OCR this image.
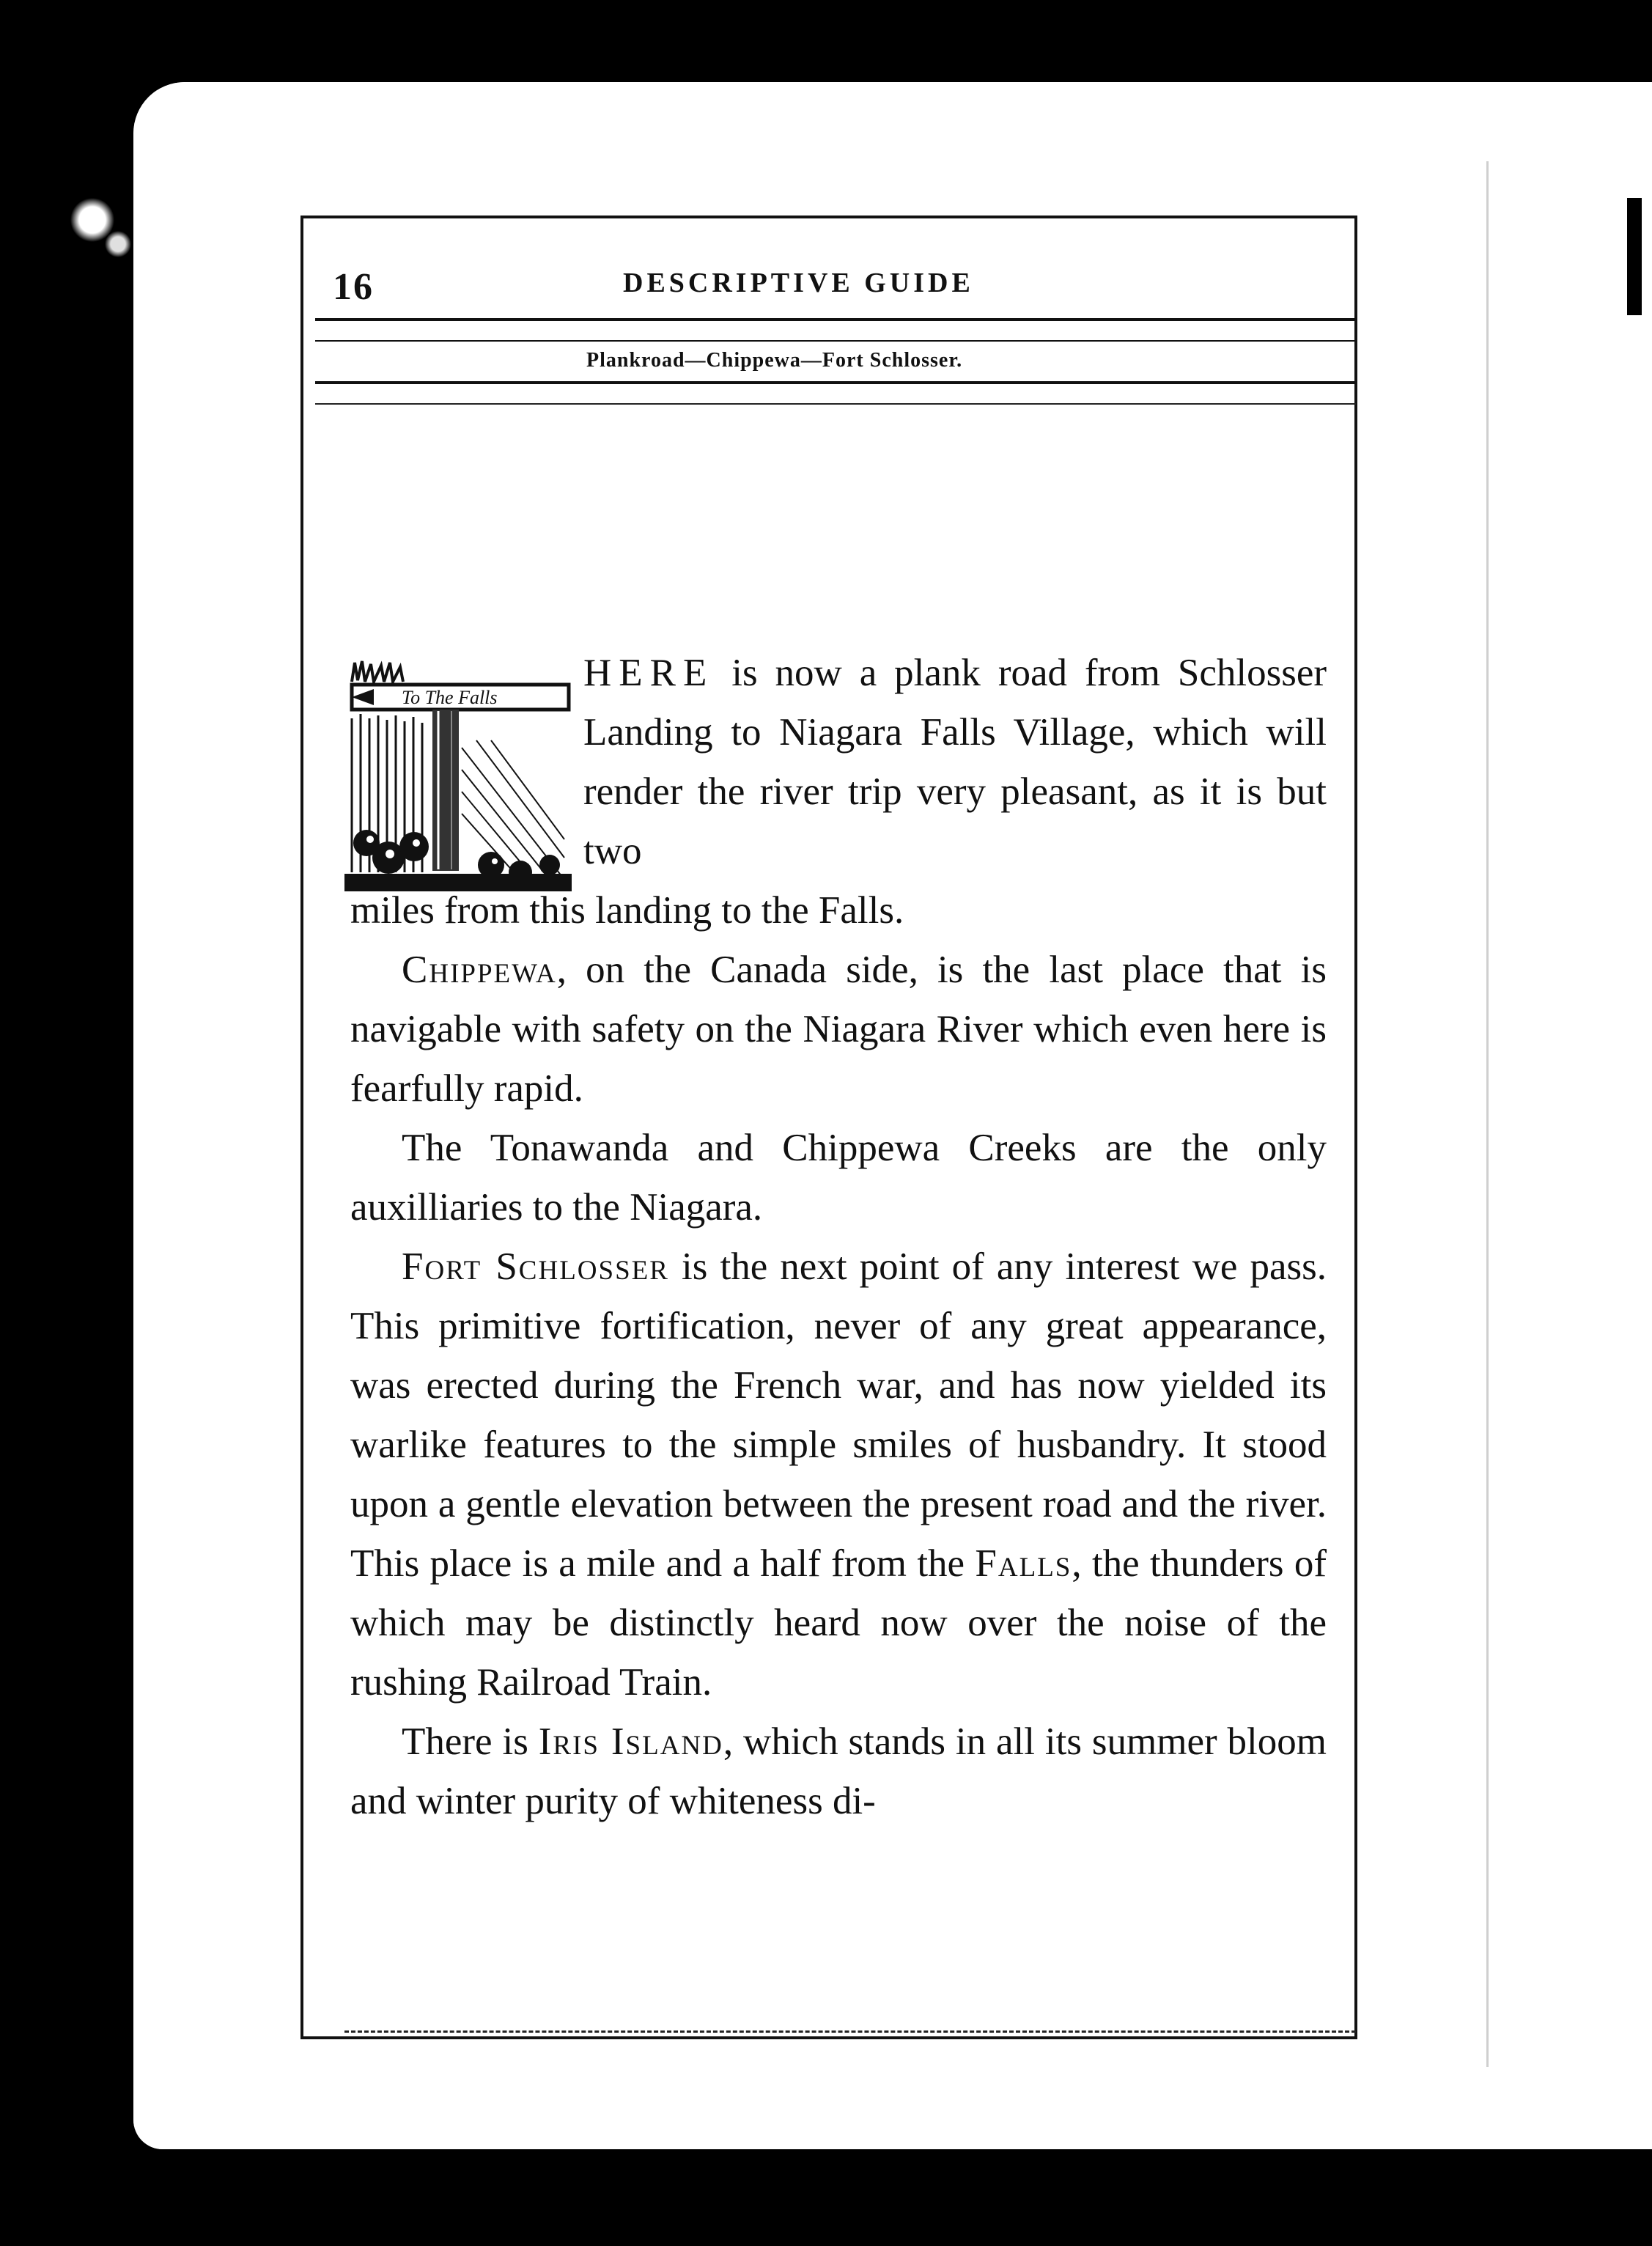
16	DESCRIPTIVE GUIDE
Plankroad—Chippewa—Fort Schlosser.
To The Falls

HERE is now a plank road from Schlosser Landing to Niagara Falls Village, which will render the river trip very pleasant, as it is but two
miles from this landing to the Falls.

Chippewa, on the Canada side, is the last place that is navigable with safety on the Niagara River which even here is fearfully rapid.

The Tonawanda and Chippewa Creeks are the only auxilliaries to the Niagara.

Fort Schlosser is the next point of any interest we pass. This primitive fortification, never of any great appearance, was erected during the French war, and has now yielded its warlike features to the simple smiles of husbandry. It stood upon a gentle elevation between the present road and the river. This place is a mile and a half from the Falls, the thunders of which may be distinctly heard now over the noise of the rushing Railroad Train.

There is Iris Island, which stands in all its summer bloom and winter purity of whiteness di-
